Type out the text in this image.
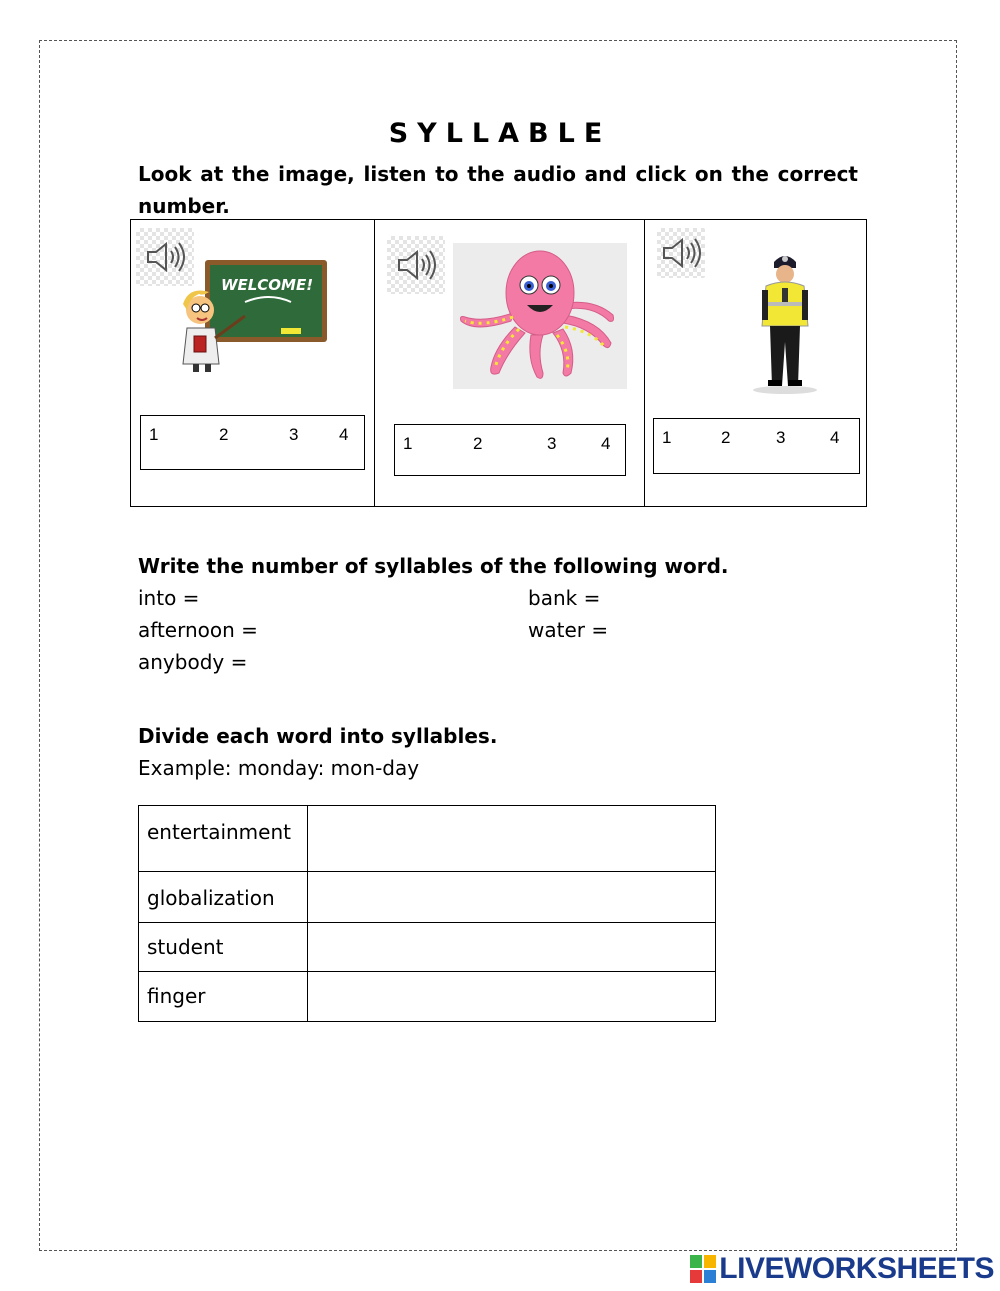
SYLLABLE
Look at the image, listen to the audio and click on the correct number.
WELCOME!
1	2	3 4	1	2	3	4	1	2	3	4
Write the number of syllables of the following word.
into =
afternoon =
anybody =
bank =
water =
Divide each word into syllables.
Example: monday: mon-day
entertainment	
globalization	
student	
finger	
LIVEWORKSHEETS
